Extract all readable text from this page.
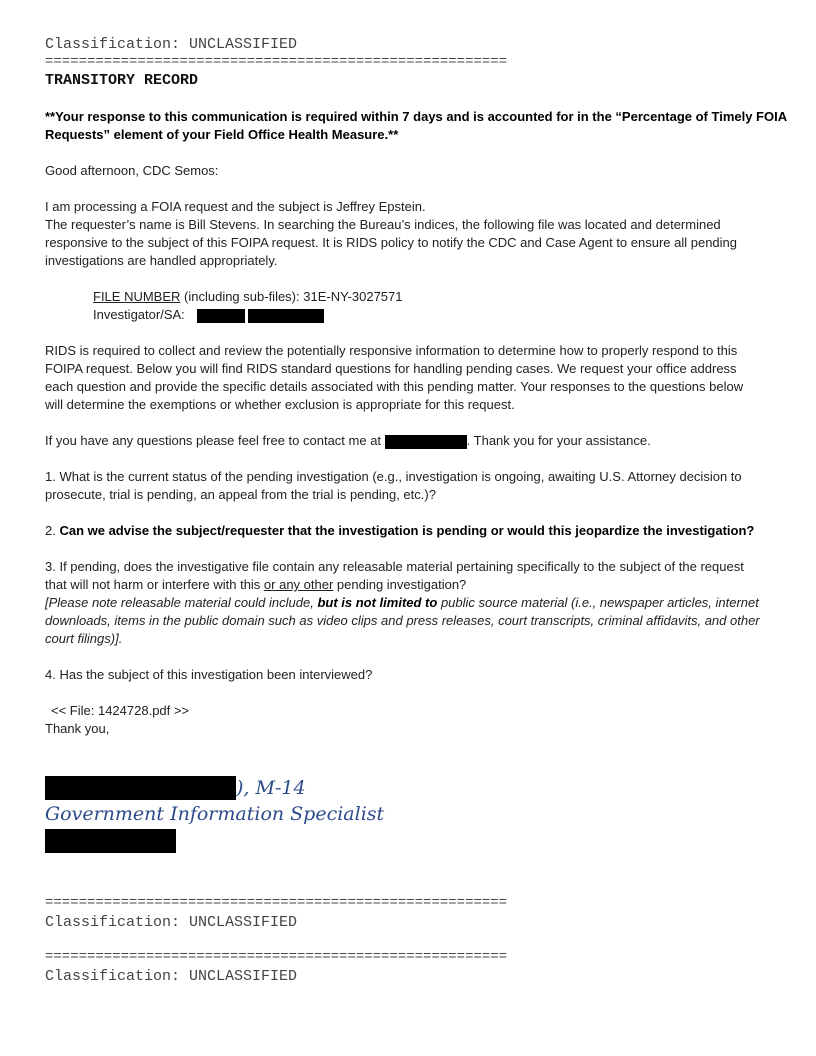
Classification: UNCLASSIFIED
=======================================================
TRANSITORY RECORD
**Your response to this communication is required within 7 days and is accounted for in the “Percentage of Timely FOIA
Requests” element of your Field Office Health Measure.**
Good afternoon, CDC Semos:
I am processing a FOIA request and the subject is Jeffrey Epstein.
The requester’s name is Bill Stevens. In searching the Bureau’s indices, the following file was located and determined
responsive to the subject of this FOIPA request. It is RIDS policy to notify the CDC and Case Agent to ensure all pending
investigations are handled appropriately.
FILE NUMBER (including sub-files): 31E-NY-3027571
Investigator/SA:
RIDS is required to collect and review the potentially responsive information to determine how to properly respond to this
FOIPA request. Below you will find RIDS standard questions for handling pending cases. We request your office address
each question and provide the specific details associated with this pending matter. Your responses to the questions below
will determine the exemptions or whether exclusion is appropriate for this request.
If you have any questions please feel free to contact me at	. Thank you for your assistance.
1. What is the current status of the pending investigation (e.g., investigation is ongoing, awaiting U.S. Attorney decision to
prosecute, trial is pending, an appeal from the trial is pending, etc.)?
2. Can we advise the subject/requester that the investigation is pending or would this jeopardize the investigation?
3. If pending, does the investigative file contain any releasable material pertaining specifically to the subject of the request
that will not harm or interfere with this or any other pending investigation?
[Please note releasable material could include, but is not limited to public source material (i.e., newspaper articles, internet
downloads, items in the public domain such as video clips and press releases, court transcripts, criminal affidavits, and other
court filings)].
4. Has the subject of this investigation been interviewed?
<< File: 1424728.pdf >>
Thank you,
), M-14
Government Information Specialist
=======================================================
Classification: UNCLASSIFIED
=======================================================
Classification: UNCLASSIFIED
